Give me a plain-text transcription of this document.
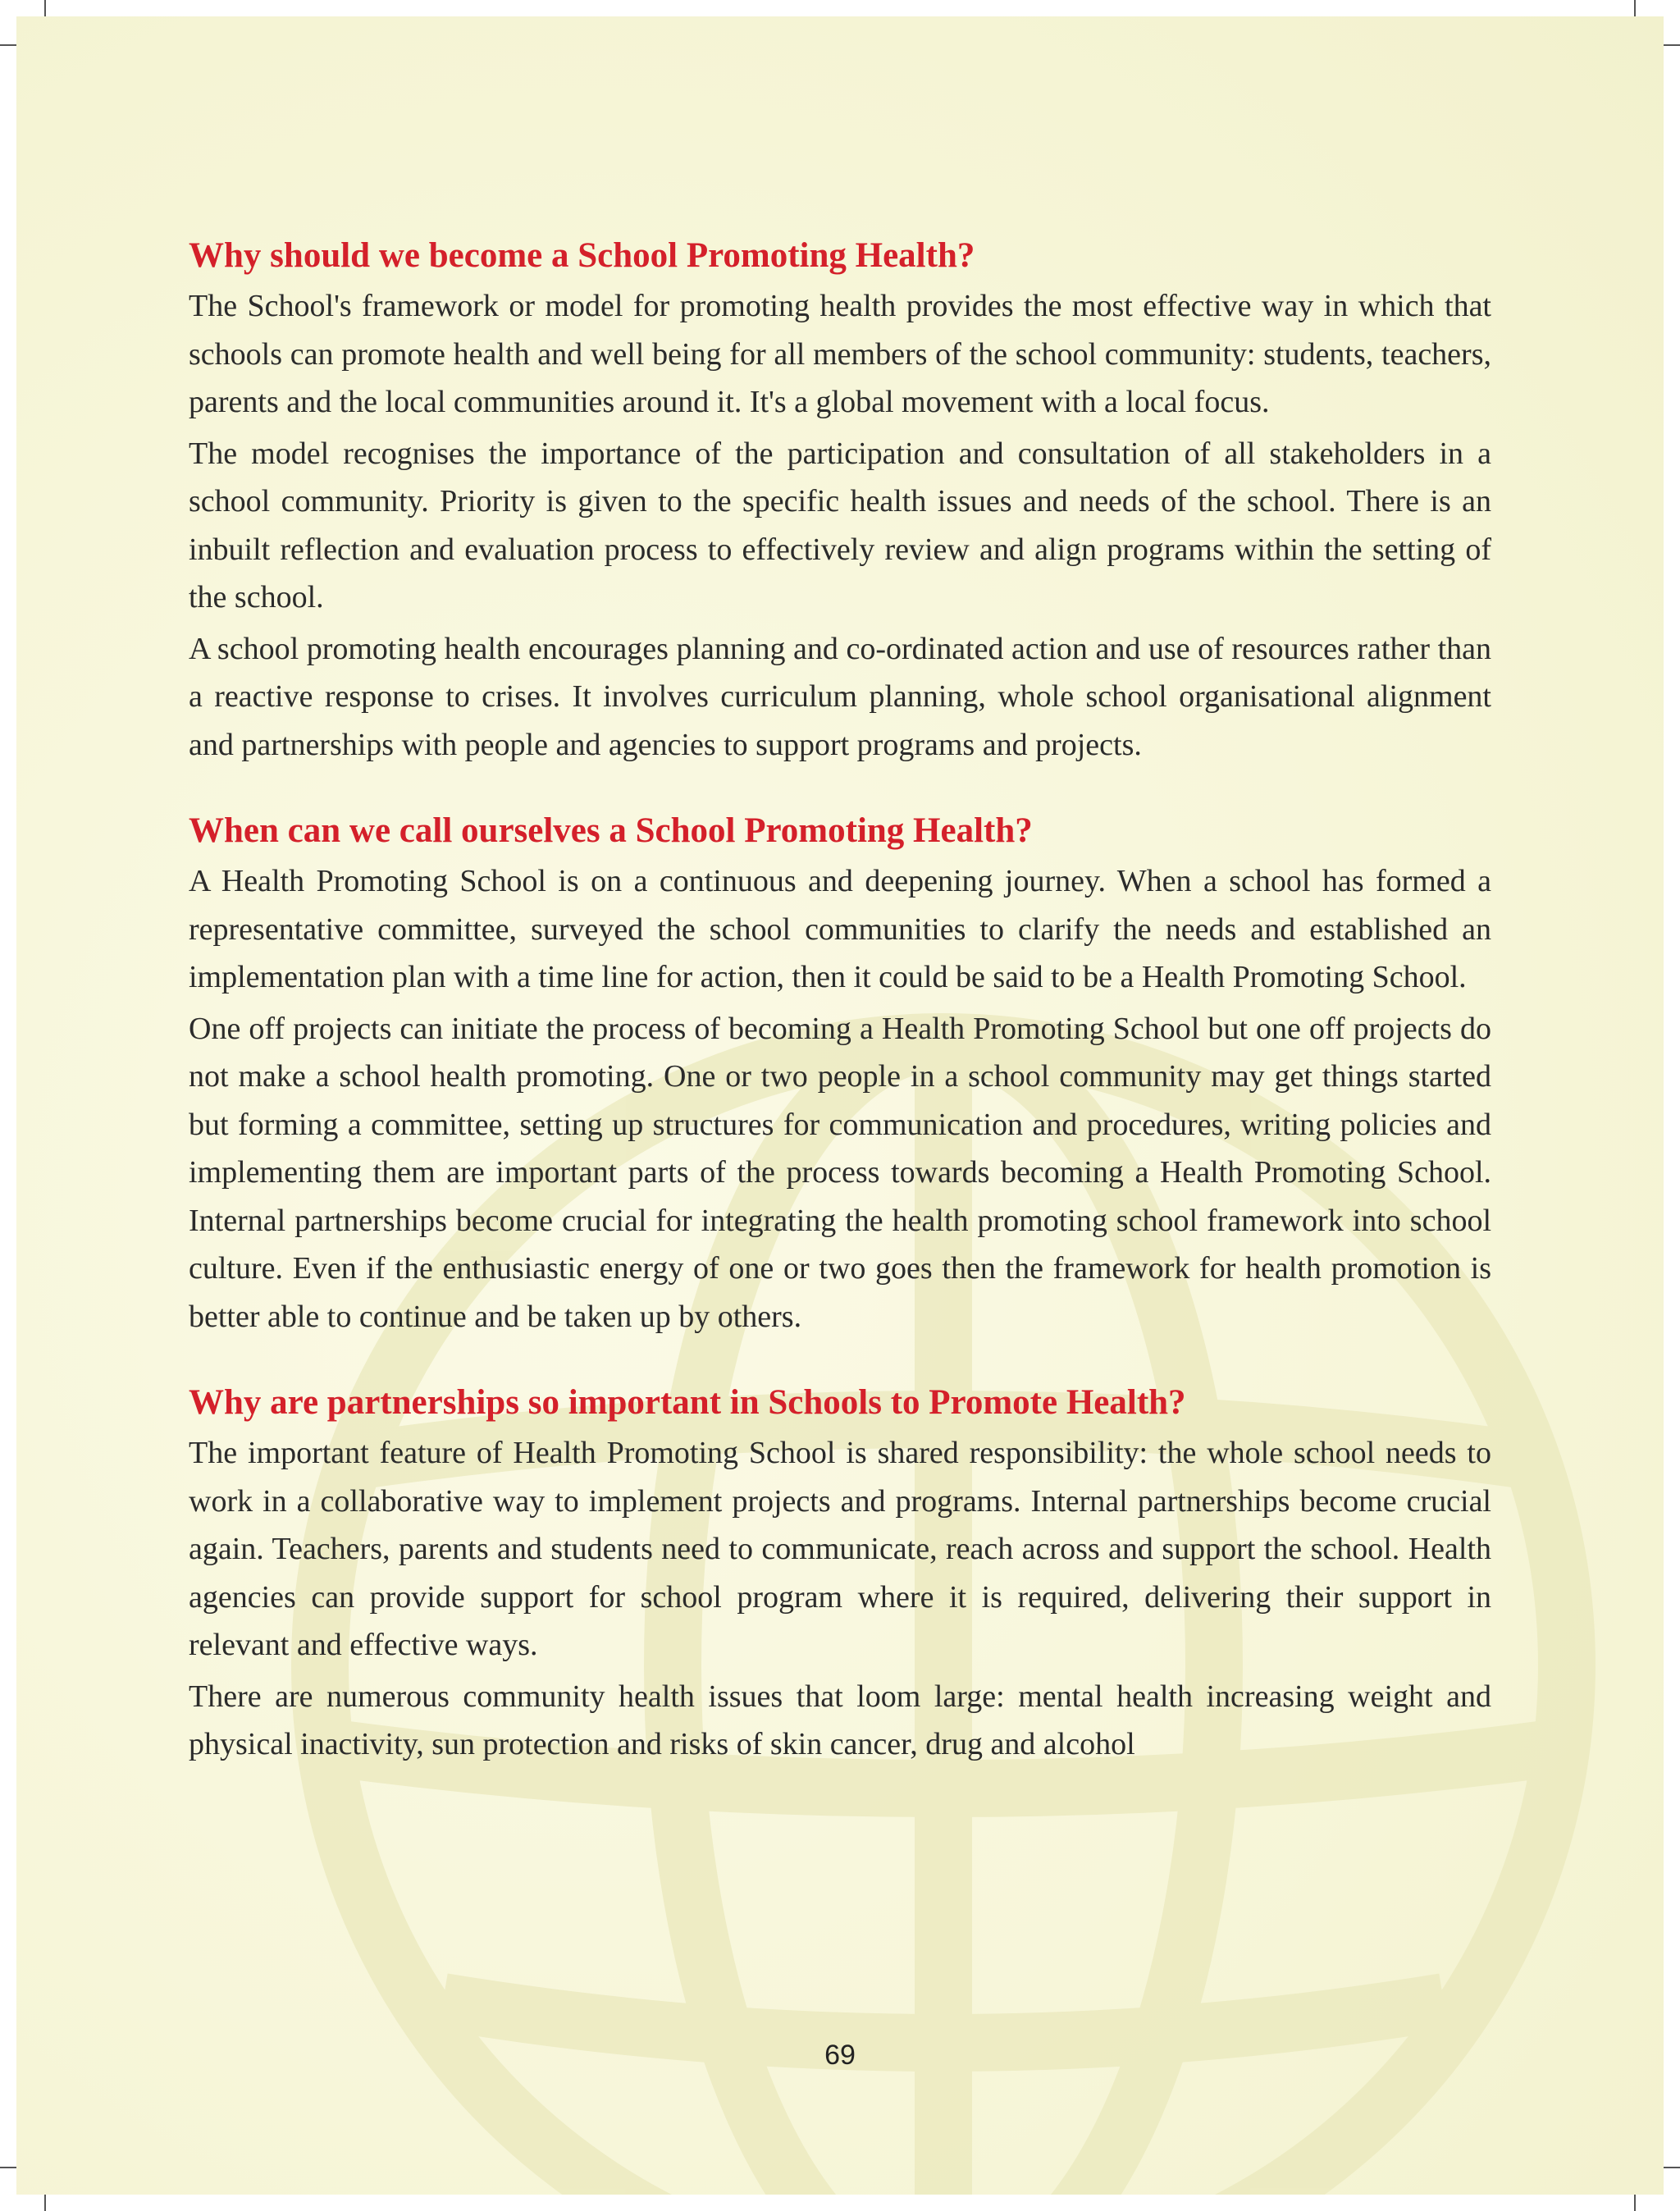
Why should we become a School Promoting Health?

The School's framework or model for promoting health provides the most effective way in which that schools can promote health and well being for all members of the school community: students, teachers, parents and the local communities around it. It's a global movement with a local focus.

The model recognises the importance of the participation and consultation of all stakeholders in a school community. Priority is given to the specific health issues and needs of the school. There is an inbuilt reflection and evaluation process to effectively review and align programs within the setting of the school.

A school promoting health encourages planning and co-ordinated action and use of resources rather than a reactive response to crises. It involves curriculum planning, whole school organisational alignment and partnerships with people and agencies to support programs and projects.

When can we call ourselves a School Promoting Health?

A Health Promoting School is on a continuous and deepening journey. When a school has formed a representative committee, surveyed the school communities to clarify the needs and established an implementation plan with a time line for action, then it could be said to be a Health Promoting School.

One off projects can initiate the process of becoming a Health Promoting School but one off projects do not make a school health promoting. One or two people in a school community may get things started but forming a committee, setting up structures for communication and procedures, writing policies and implementing them are important parts of the process towards becoming a Health Promoting School. Internal partnerships become crucial for integrating the health promoting school framework into school culture. Even if the enthusiastic energy of one or two goes then the framework for health promotion is better able to continue and be taken up by others.

Why are partnerships so important in Schools to Promote Health?

The important feature of Health Promoting School is shared responsibility: the whole school needs to work in a collaborative way to implement projects and programs. Internal partnerships become crucial again. Teachers, parents and students need to communicate, reach across and support the school. Health agencies can provide support for school program where it is required, delivering their support in relevant and effective ways.

There are numerous community health issues that loom large: mental health increasing weight and physical inactivity, sun protection and risks of skin cancer, drug and alcohol

69
